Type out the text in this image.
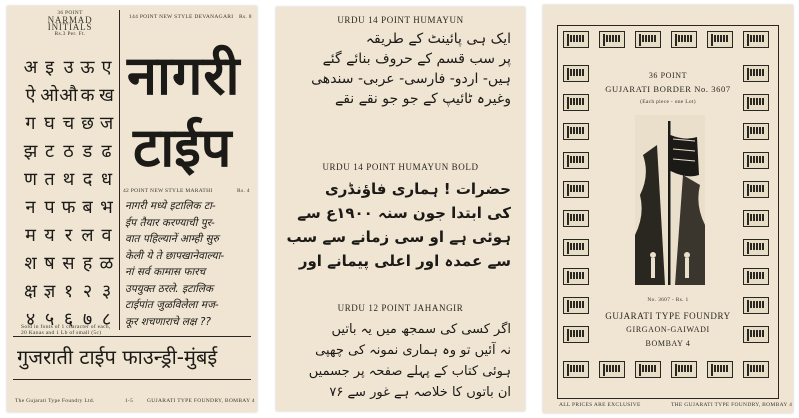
36 POINT
NARMAD INITIALS
Rs.3 Per. Ft.
144 POINT NEW STYLE DEVANAGARI Rs. 8
अ इ उ ऊ ए
ऐ ओ औ क ख
ग घ च छ ज
झ ट ठ ड ढ
ण त थ द ध
न प फ ब भ
म य र ल व
श ष स ह ळ
क्ष ज्ञ १ २ ३
४ ५ ६ ७ ८
Sold in fonts of 1 character of each, 20 Kanas and 1 Lb of small (5c)
नागरी
टाईप
42 POINT NEW STYLE MARATHI	Rs. 4
नागरी मध्ये इटालिक टा-
ईप तैयार करण्याची पुर-
वात पहिल्यानें आम्ही सुरु
केली ये ते छापखानेवाल्या-
नां सर्व कामास फारच
उपयुक्त ठरले. इटालिक
टाईपांत जुळविलेला मज-
कूर शचणाराचे लक्ष ??
गुजराती टाईप फाउन्ड्री-मुंबई
The Gujarati Type Foundry Ltd.	1-5	GUJARATI TYPE FOUNDRY, BOMBAY 4
URDU 14 POINT HUMAYUN
ایک ہی پائینٹ کے طریقہ
پر سب قسم کے حروف بنائے گئے
ہیں- اردو- فارسی- عربی- سندھی
وغیرہ ٹائیپ کے جو جو نقے نقے
URDU 14 POINT HUMAYUN BOLD
حضرات ! ہماری فاؤنڈری
کی ابتدا جون سنہ ۱۹۰۰ع سے
ہوئی ہے او سی زمانے سے سب
سے عمدہ اور اعلی پیمانے اور
URDU 12 POINT JAHANGIR
اگر کسی کی سمجھ میں یہ باتیں
نہ آئیں تو وہ ہماری نمونہ کی چھپی
ہوئی کتاب کے پہلے صفحہ پر جسمیں
ان باتوں کا خلاصہ ہے غور سے ۷۶
36 POINT
GUJARATI BORDER No. 3607
(Each piece - one Lot)
No. 3607 - Rs. 1
GUJARATI TYPE FOUNDRY
GIRGAON-GAIWADI
BOMBAY 4
ALL PRICES ARE EXCLUSIVE	THE GUJARATI TYPE FOUNDRY, BOMBAY 4
